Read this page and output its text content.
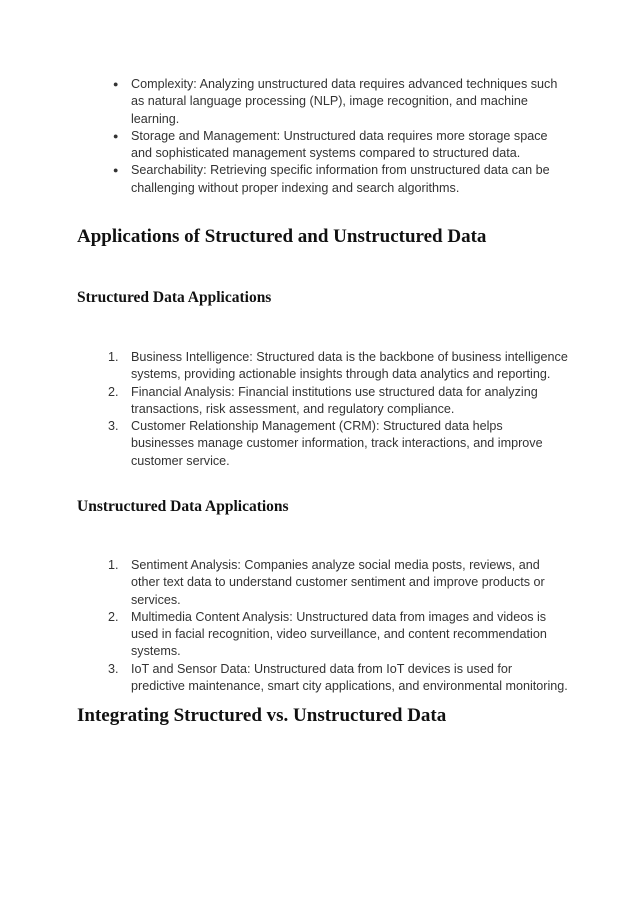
● Complexity: Analyzing unstructured data requires advanced techniques such as natural language processing (NLP), image recognition, and machine learning.
● Storage and Management: Unstructured data requires more storage space and sophisticated management systems compared to structured data.
● Searchability: Retrieving specific information from unstructured data can be challenging without proper indexing and search algorithms.
Applications of Structured and Unstructured Data
Structured Data Applications
1. Business Intelligence: Structured data is the backbone of business intelligence systems, providing actionable insights through data analytics and reporting.
2. Financial Analysis: Financial institutions use structured data for analyzing transactions, risk assessment, and regulatory compliance.
3. Customer Relationship Management (CRM): Structured data helps businesses manage customer information, track interactions, and improve customer service.
Unstructured Data Applications
1. Sentiment Analysis: Companies analyze social media posts, reviews, and other text data to understand customer sentiment and improve products or services.
2. Multimedia Content Analysis: Unstructured data from images and videos is used in facial recognition, video surveillance, and content recommendation systems.
3. IoT and Sensor Data: Unstructured data from IoT devices is used for predictive maintenance, smart city applications, and environmental monitoring.
Integrating Structured vs. Unstructured Data
